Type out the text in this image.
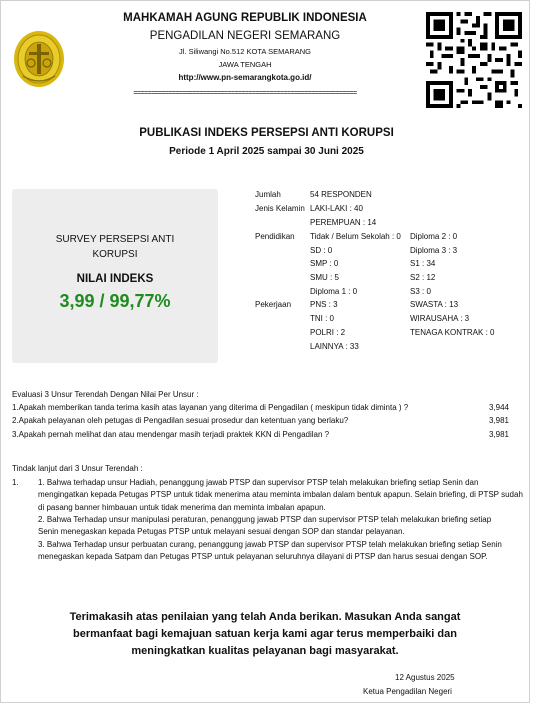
MAHKAMAH AGUNG REPUBLIK INDONESIA
PENGADILAN NEGERI SEMARANG
Jl. Siliwangi No.512 KOTA SEMARANG
JAWA TENGAH
http://www.pn-semarangkota.go.id/
================================================================
PUBLIKASI INDEKS PERSEPSI ANTI KORUPSI
Periode 1 April 2025 sampai 30 Juni 2025
SURVEY PERSEPSI ANTI
KORUPSI
NILAI INDEKS
3,99 / 99,77%
Jumlah	54 RESPONDEN
Jenis Kelamin LAKI-LAKI : 40
PEREMPUAN : 14
Pendidikan Tidak / Belum Sekolah : 0 Diploma 2 : 0
SD : 0	Diploma 3 : 3
SMP : 0	S1 : 34
SMU : 5	S2 : 12
Diploma 1 : 0	S3 : 0
Pekerjaan PNS : 3	SWASTA : 13
TNI : 0	WIRAUSAHA : 3
POLRI : 2	TENAGA KONTRAK : 0
LAINNYA : 33
Evaluasi 3 Unsur Terendah Dengan Nilai Per Unsur :
1.Apakah memberikan tanda terima kasih atas layanan yang diterima di Pengadilan ( meskipun tidak diminta ) ?	3,944
2.Apakah pelayanan oleh petugas di Pengadilan sesuai prosedur dan ketentuan yang berlaku?	3,981
3.Apakah pernah melihat dan atau mendengar masih terjadi praktek KKN di Pengadilan ?	3,981
Tindak lanjut dari 3 Unsur Terendah :
1. 1. Bahwa terhadap unsur Hadiah, penanggung jawab PTSP dan supervisor PTSP telah melakukan briefing setiap Senin dan mengingatkan kepada Petugas PTSP untuk tidak menerima atau meminta imbalan dalam bentuk apapun. Selain briefing, di PTSP sudah di pasang banner himbauan untuk tidak menerima dan meminta imbalan apapun.

2. Bahwa Terhadap unsur manipulasi peraturan, penanggung jawab PTSP dan supervisor PTSP telah melakukan briefing setiap Senin menegaskan kepada Petugas PTSP untuk melayani sesuai dengan SOP dan standar pelayanan.

3. Bahwa Terhadap unsur perbuatan curang, penanggung jawab PTSP dan supervisor PTSP telah melakukan briefing setiap Senin menegaskan kepada Satpam dan Petugas PTSP untuk pelayanan seluruhnya dilayani di PTSP dan harus sesuai dengan SOP.

Terimakasih atas penilaian yang telah Anda berikan. Masukan Anda sangat bermanfaat bagi kemajuan satuan kerja kami agar terus memperbaiki dan meningkatkan kualitas pelayanan bagi masyarakat.
12 Agustus 2025
Ketua Pengadilan Negeri
